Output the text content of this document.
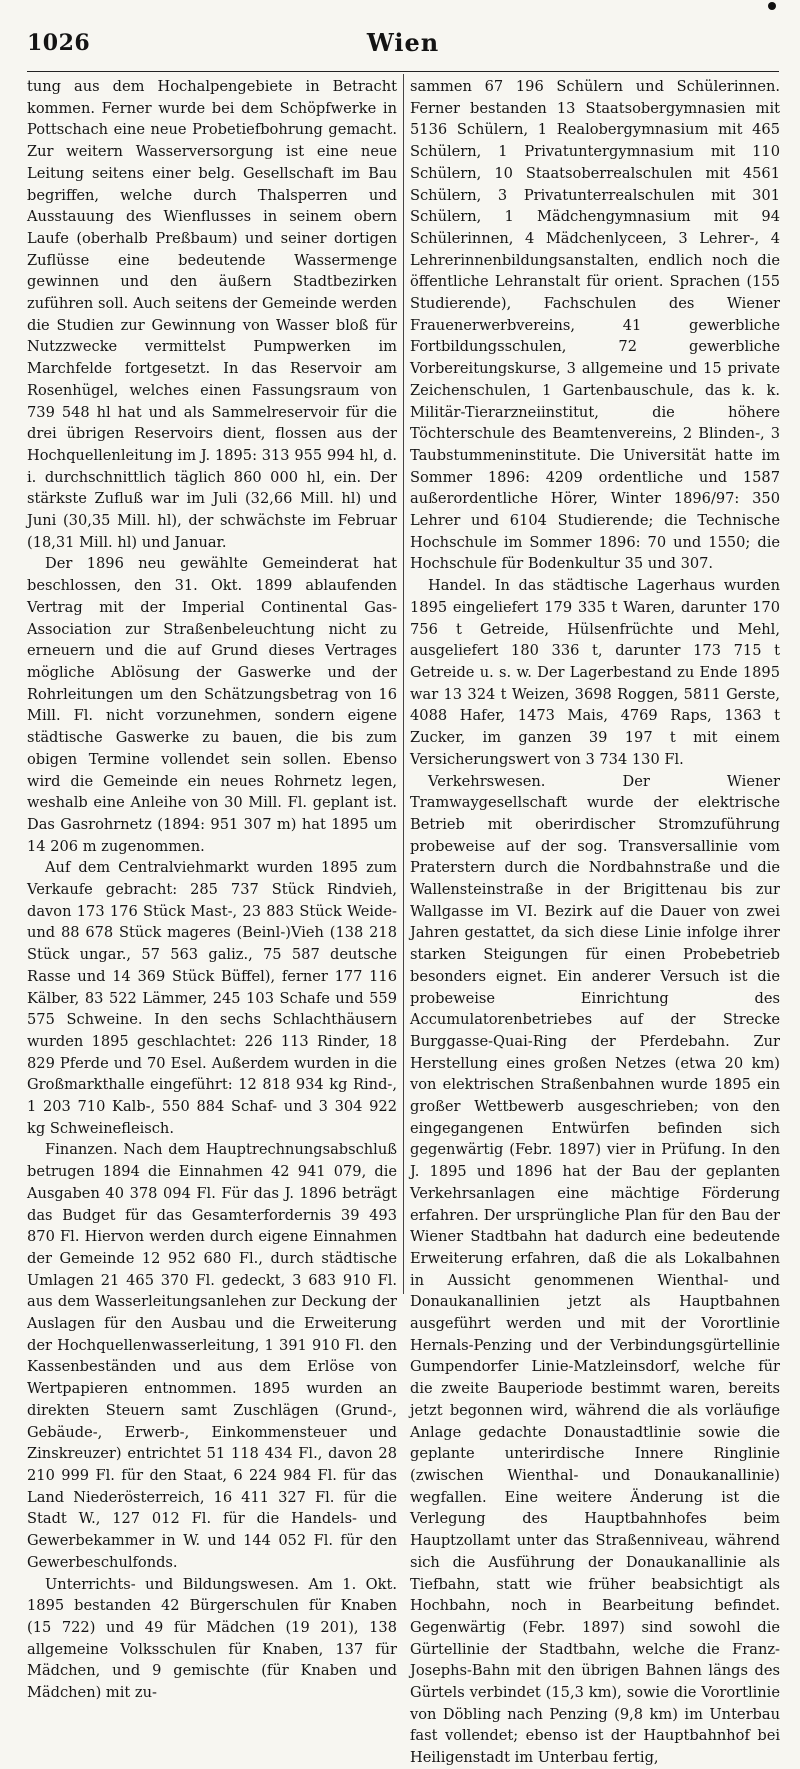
1026	Wien

tung aus dem Hochalpengebiete in Betracht kommen. Ferner wurde bei dem Schöpfwerke in Pottschach eine neue Probetiefbohrung gemacht. Zur weitern Wasserversorgung ist eine neue Leitung seitens einer belg. Gesellschaft im Bau begriffen, welche durch Thalsperren und Ausstauung des Wienflusses in seinem obern Laufe (oberhalb Preßbaum) und seiner dortigen Zuflüsse eine bedeutende Wassermenge gewinnen und den äußern Stadtbezirken zuführen soll. Auch seitens der Gemeinde werden die Studien zur Gewinnung von Wasser bloß für Nutzzwecke vermittelst Pumpwerken im Marchfelde fortgesetzt. In das Reservoir am Rosenhügel, welches einen Fassungsraum von 739 548 hl hat und als Sammelreservoir für die drei übrigen Reservoirs dient, flossen aus der Hochquellenleitung im J. 1895: 313 955 994 hl, d. i. durchschnittlich täglich 860 000 hl, ein. Der stärkste Zufluß war im Juli (32,66 Mill. hl) und Juni (30,35 Mill. hl), der schwächste im Februar (18,31 Mill. hl) und Januar.

Der 1896 neu gewählte Gemeinderat hat beschlossen, den 31. Okt. 1899 ablaufenden Vertrag mit der Imperial Continental Gas-Association zur Straßenbeleuchtung nicht zu erneuern und die auf Grund dieses Vertrages mögliche Ablösung der Gaswerke und der Rohrleitungen um den Schätzungsbetrag von 16 Mill. Fl. nicht vorzunehmen, sondern eigene städtische Gaswerke zu bauen, die bis zum obigen Termine vollendet sein sollen. Ebenso wird die Gemeinde ein neues Rohrnetz legen, weshalb eine Anleihe von 30 Mill. Fl. geplant ist. Das Gasrohrnetz (1894: 951 307 m) hat 1895 um 14 206 m zugenommen.

Auf dem Centralviehmarkt wurden 1895 zum Verkaufe gebracht: 285 737 Stück Rindvieh, davon 173 176 Stück Mast-, 23 883 Stück Weide- und 88 678 Stück mageres (Beinl-)Vieh (138 218 Stück ungar., 57 563 galiz., 75 587 deutsche Rasse und 14 369 Stück Büffel), ferner 177 116 Kälber, 83 522 Lämmer, 245 103 Schafe und 559 575 Schweine. In den sechs Schlachthäusern wurden 1895 geschlachtet: 226 113 Rinder, 18 829 Pferde und 70 Esel. Außerdem wurden in die Großmarkthalle eingeführt: 12 818 934 kg Rind-, 1 203 710 Kalb-, 550 884 Schaf- und 3 304 922 kg Schweinefleisch.

Finanzen. Nach dem Hauptrechnungsabschluß betrugen 1894 die Einnahmen 42 941 079, die Ausgaben 40 378 094 Fl. Für das J. 1896 beträgt das Budget für das Gesamterfordernis 39 493 870 Fl. Hiervon werden durch eigene Einnahmen der Gemeinde 12 952 680 Fl., durch städtische Umlagen 21 465 370 Fl. gedeckt, 3 683 910 Fl. aus dem Wasserleitungsanlehen zur Deckung der Auslagen für den Ausbau und die Erweiterung der Hochquellenwasserleitung, 1 391 910 Fl. den Kassenbeständen und aus dem Erlöse von Wertpapieren entnommen. 1895 wurden an direkten Steuern samt Zuschlägen (Grund-, Gebäude-, Erwerb-, Einkommensteuer und Zinskreuzer) entrichtet 51 118 434 Fl., davon 28 210 999 Fl. für den Staat, 6 224 984 Fl. für das Land Niederösterreich, 16 411 327 Fl. für die Stadt W., 127 012 Fl. für die Handels- und Gewerbekammer in W. und 144 052 Fl. für den Gewerbeschulfonds.

Unterrichts- und Bildungswesen. Am 1. Okt. 1895 bestanden 42 Bürgerschulen für Knaben (15 722) und 49 für Mädchen (19 201), 138 allgemeine Volksschulen für Knaben, 137 für Mädchen, und 9 gemischte (für Knaben und Mädchen) mit zu-

sammen 67 196 Schülern und Schülerinnen. Ferner bestanden 13 Staatsobergymnasien mit 5136 Schülern, 1 Realobergymnasium mit 465 Schülern, 1 Privatuntergymnasium mit 110 Schülern, 10 Staatsoberrealschulen mit 4561 Schülern, 3 Privatunterrealschulen mit 301 Schülern, 1 Mädchengymnasium mit 94 Schülerinnen, 4 Mädchenlyceen, 3 Lehrer-, 4 Lehrerinnenbildungsanstalten, endlich noch die öffentliche Lehranstalt für orient. Sprachen (155 Studierende), Fachschulen des Wiener Frauenerwerbvereins, 41 gewerbliche Fortbildungsschulen, 72 gewerbliche Vorbereitungskurse, 3 allgemeine und 15 private Zeichenschulen, 1 Gartenbauschule, das k. k. Militär-Tierarzneiinstitut, die höhere Töchterschule des Beamtenvereins, 2 Blinden-, 3 Taubstummeninstitute. Die Universität hatte im Sommer 1896: 4209 ordentliche und 1587 außerordentliche Hörer, Winter 1896/97: 350 Lehrer und 6104 Studierende; die Technische Hochschule im Sommer 1896: 70 und 1550; die Hochschule für Bodenkultur 35 und 307.

Handel. In das städtische Lagerhaus wurden 1895 eingeliefert 179 335 t Waren, darunter 170 756 t Getreide, Hülsenfrüchte und Mehl, ausgeliefert 180 336 t, darunter 173 715 t Getreide u. s. w. Der Lagerbestand zu Ende 1895 war 13 324 t Weizen, 3698 Roggen, 5811 Gerste, 4088 Hafer, 1473 Mais, 4769 Raps, 1363 t Zucker, im ganzen 39 197 t mit einem Versicherungswert von 3 734 130 Fl.

Verkehrswesen. Der Wiener Tramwaygesellschaft wurde der elektrische Betrieb mit oberirdischer Stromzuführung probeweise auf der sog. Transversallinie vom Praterstern durch die Nordbahnstraße und die Wallensteinstraße in der Brigittenau bis zur Wallgasse im VI. Bezirk auf die Dauer von zwei Jahren gestattet, da sich diese Linie infolge ihrer starken Steigungen für einen Probebetrieb besonders eignet. Ein anderer Versuch ist die probeweise Einrichtung des Accumulatorenbetriebes auf der Strecke Burggasse-Quai-Ring der Pferdebahn. Zur Herstellung eines großen Netzes (etwa 20 km) von elektrischen Straßenbahnen wurde 1895 ein großer Wettbewerb ausgeschrieben; von den eingegangenen Entwürfen befinden sich gegenwärtig (Febr. 1897) vier in Prüfung. In den J. 1895 und 1896 hat der Bau der geplanten Verkehrsanlagen eine mächtige Förderung erfahren. Der ursprüngliche Plan für den Bau der Wiener Stadtbahn hat dadurch eine bedeutende Erweiterung erfahren, daß die als Lokalbahnen in Aussicht genommenen Wienthal- und Donaukanallinien jetzt als Hauptbahnen ausgeführt werden und mit der Vorortlinie Hernals-Penzing und der Verbindungsgürtellinie Gumpendorfer Linie-Matzleinsdorf, welche für die zweite Bauperiode bestimmt waren, bereits jetzt begonnen wird, während die als vorläufige Anlage gedachte Donaustadtlinie sowie die geplante unterirdische Innere Ringlinie (zwischen Wienthal- und Donaukanallinie) wegfallen. Eine weitere Änderung ist die Verlegung des Hauptbahnhofes beim Hauptzollamt unter das Straßenniveau, während sich die Ausführung der Donaukanallinie als Tiefbahn, statt wie früher beabsichtigt als Hochbahn, noch in Bearbeitung befindet. Gegenwärtig (Febr. 1897) sind sowohl die Gürtellinie der Stadtbahn, welche die Franz-Josephs-Bahn mit den übrigen Bahnen längs des Gürtels verbindet (15,3 km), sowie die Vorortlinie von Döbling nach Penzing (9,8 km) im Unterbau fast vollendet; ebenso ist der Hauptbahnhof bei Heiligenstadt im Unterbau fertig,
